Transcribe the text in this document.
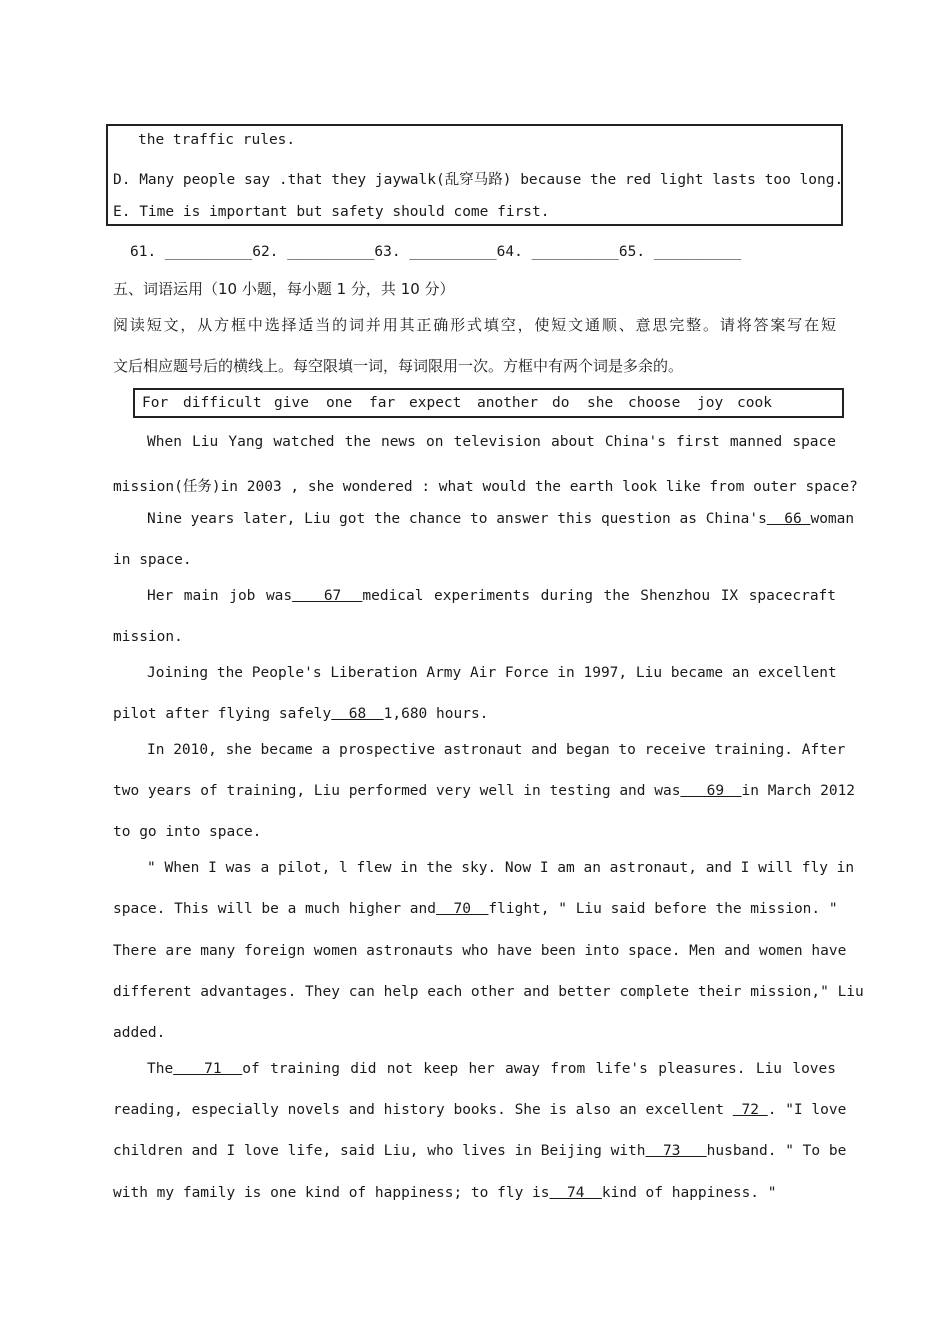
the traffic rules.
D. Many people say .that they jaywalk(乱穿马路) because the red light lasts too long.
E. Time is important but safety should come first.
61. __________62. __________63. __________64. __________65. __________
五、词语运用（10 小题，每小题 1 分，共 10 分）
阅读短文，从方框中选择适当的词并用其正确形式填空，使短文通顺、意思完整。请将答案写在短
文后相应题号后的横线上。每空限填一词，每词限用一次。方框中有两个词是多余的。
For difficult give one far expect another do she choose joy cook
When Liu Yang watched the news on television about China's first manned space
mission(任务)in 2003 , she wondered : what would the earth look like from outer space?
Nine years later, Liu got the chance to answer this question as China's  66 woman
in space.
Her main job was   67  medical experiments during the Shenzhou IX spacecraft
mission.
Joining the People's Liberation Army Air Force in 1997, Liu became an excellent
pilot after flying safely  68  1,680 hours.
In 2010, she became a prospective astronaut and began to receive training. After
two years of training, Liu performed very well in testing and was   69  in March 2012
to go into space.
" When I was a pilot, l flew in the sky. Now I am an astronaut, and I will fly in
space. This will be a much higher and  70  flight, " Liu said before the mission. "
There are many foreign women astronauts who have been into space. Men and women have
different advantages. They can help each other and better complete their mission," Liu
added.
The   71  of training did not keep her away from life's pleasures. Liu loves
reading, especially novels and history books. She is also an excellent  72 . "I love
children and I love life, said Liu, who lives in Beijing with  73   husband. " To be
with my family is one kind of happiness; to fly is  74  kind of happiness. "
